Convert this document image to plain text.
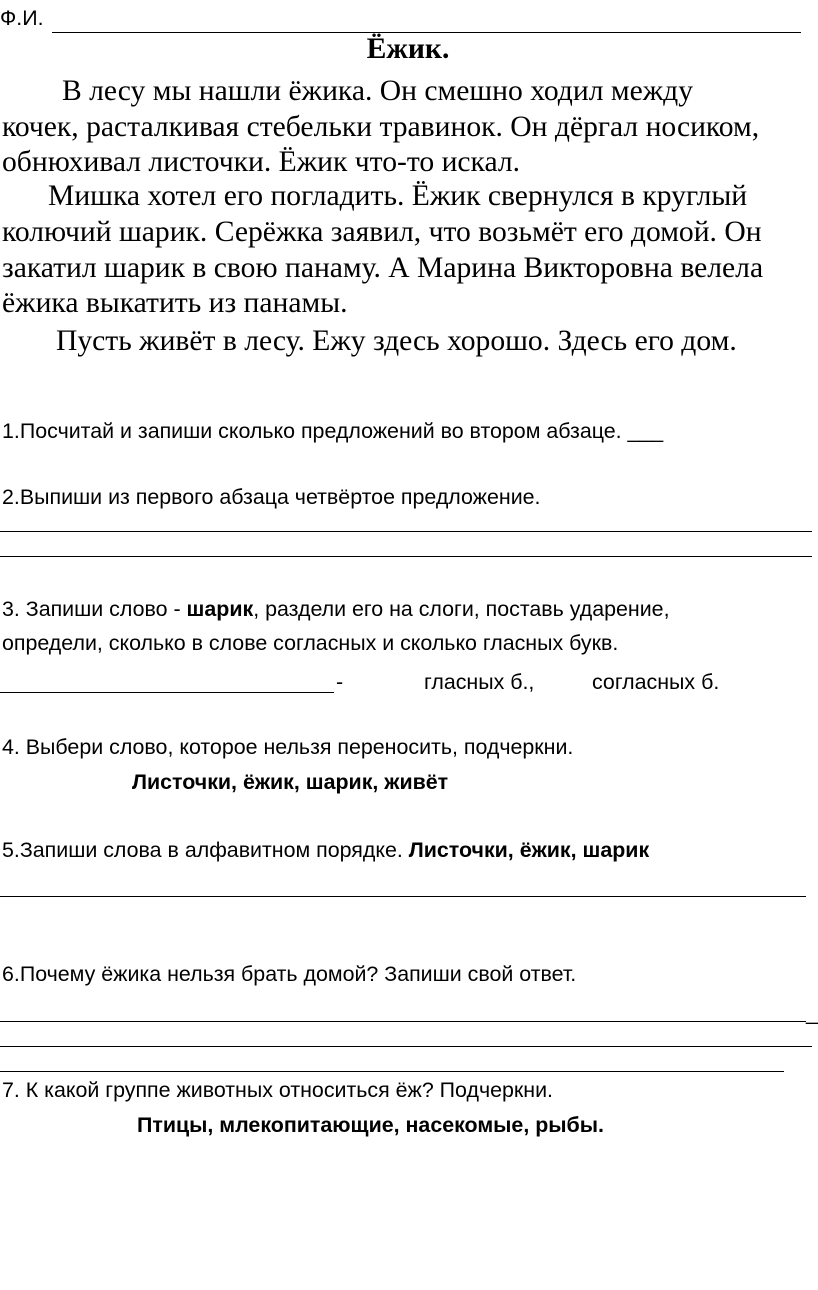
Ф.И.
Ёжик.
В лесу мы нашли ёжика. Он смешно ходил между
кочек, расталкивая стебельки травинок. Он дёргал носиком,
обнюхивал листочки. Ёжик что-то искал.
Мишка хотел его погладить. Ёжик свернулся в круглый
колючий шарик. Серёжка заявил, что возьмёт его домой. Он
закатил шарик в свою панаму. А Марина Викторовна велела
ёжика выкатить из панамы.
Пусть живёт в лесу. Ежу здесь хорошо. Здесь его дом.
1.Посчитай и запиши сколько предложений во втором абзаце. ___
2.Выпиши из первого абзаца четвёртое предложение.
3. Запиши слово - шарик, раздели его на слоги, поставь ударение,
определи, сколько в слове согласных и сколько гласных букв.
-	гласных б.,	согласных б.
4. Выбери слово, которое нельзя переносить, подчеркни.
Листочки, ёжик, шарик, живёт
5.Запиши слова в алфавитном порядке. Листочки, ёжик, шарик
6.Почему ёжика нельзя брать домой? Запиши свой ответ.
_
7. К какой группе животных относиться ёж? Подчеркни.
Птицы, млекопитающие, насекомые, рыбы.
